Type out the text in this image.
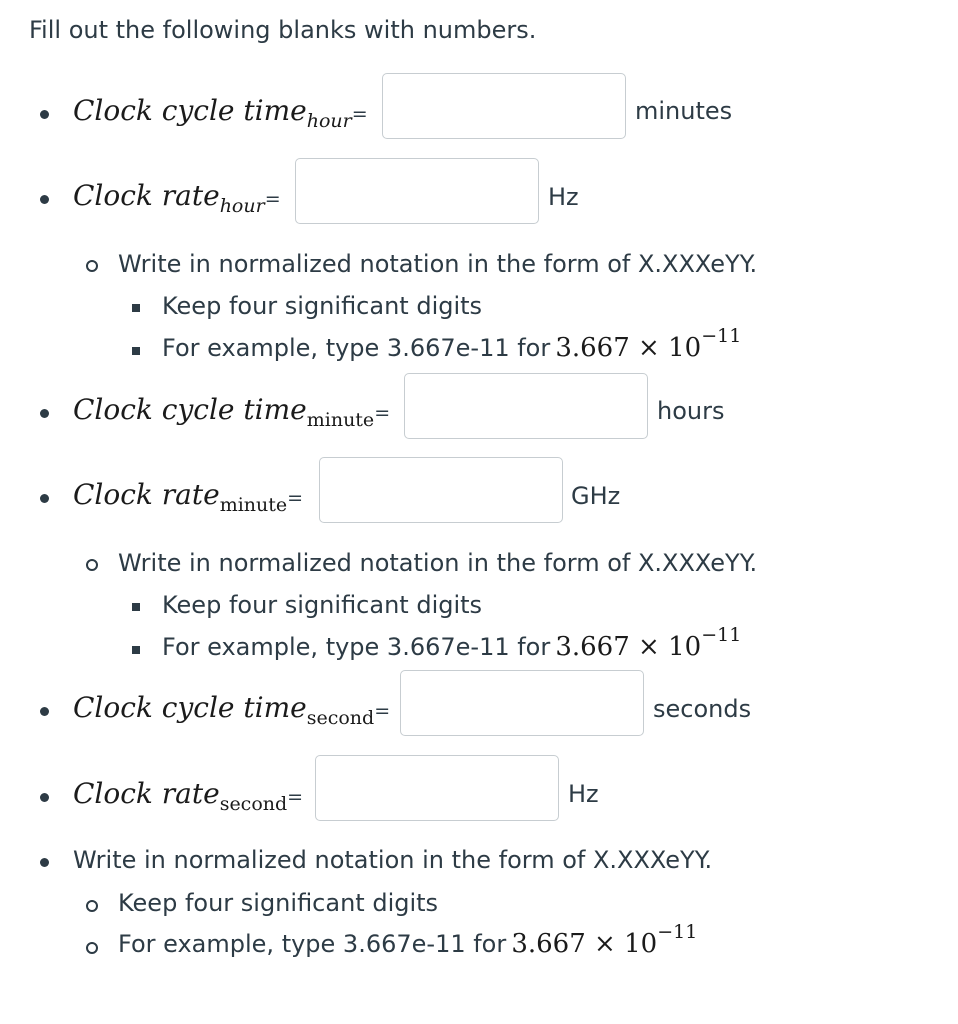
Fill out the following blanks with numbers.
Clock cycle time$_{hour}$=	minutes
Clock rate$_{hour}$=	Hz
Write in normalized notation in the form of X.XXXeYY.
Keep four significant digits
For example, type 3.667e-11 for $3.667 \times 10^{-11}$
Clock cycle time$_{minute}$=	hours
Clock rate$_{minute}$=	GHz
Write in normalized notation in the form of X.XXXeYY.
Keep four significant digits
For example, type 3.667e-11 for $3.667 \times 10^{-11}$
Clock cycle time$_{second}$=	seconds
Clock rate$_{second}$=	Hz
Write in normalized notation in the form of X.XXXeYY.
Keep four significant digits
For example, type 3.667e-11 for $3.667 \times 10^{-11}$
